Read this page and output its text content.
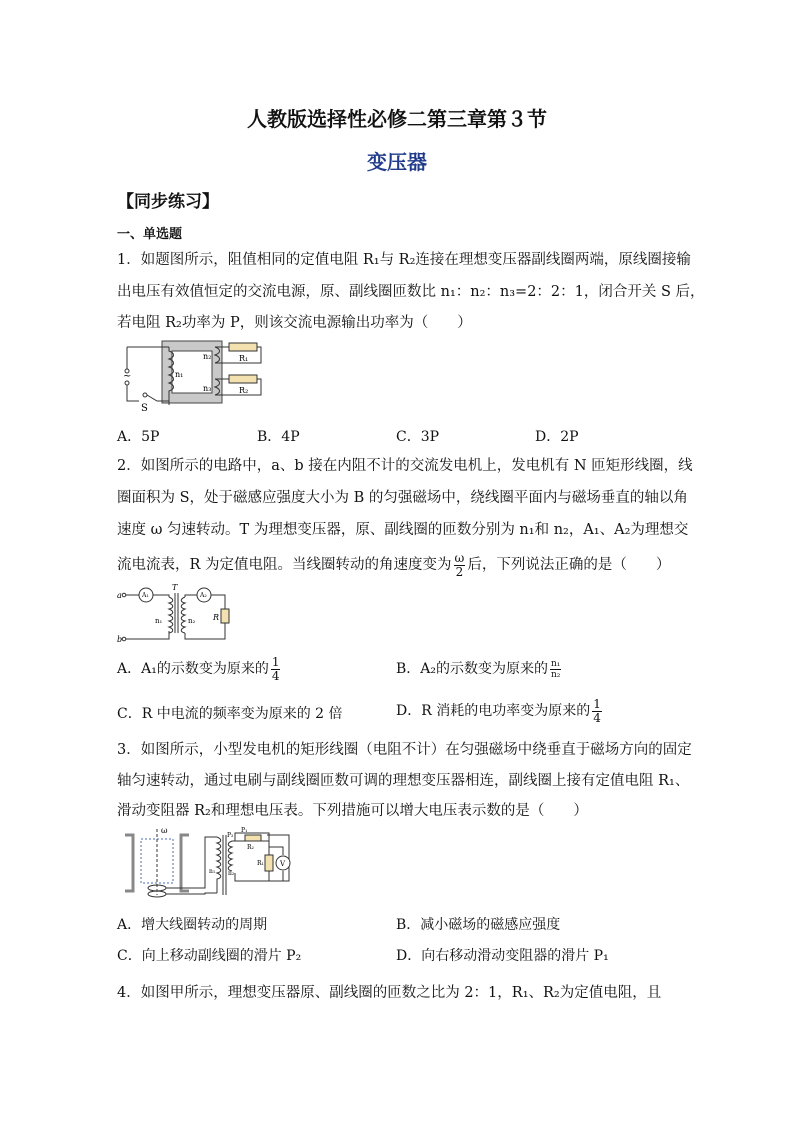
人教版选择性必修二第三章第３节
变压器
【同步练习】
一、单选题
1．如题图所示，阻值相同的定值电阻 R₁与 R₂连接在理想变压器副线圈两端，原线圈接输
出电压有效值恒定的交流电源，原、副线圈匝数比 n₁：n₂：n₃=2：2：1，闭合开关 S 后，
若电阻 R₂功率为 P，则该交流电源输出功率为（　　）
~	n₁
n₂
n₃
R₁
R₂
S
A．5P	B．4P	C．3P	D．2P
2．如图所示的电路中，a、b 接在内阻不计的交流发电机上，发电机有 N 匝矩形线圈，线
圈面积为 S，处于磁感应强度大小为 B 的匀强磁场中，绕线圈平面内与磁场垂直的轴以角
速度 ω 匀速转动。T 为理想变压器，原、副线圈的匝数分别为 n₁和 n₂，A₁、A₂为理想交
流电流表，R 为定值电阻。当线圈转动的角速度变为 $\frac{\omega}{2}$ 后，下列说法正确的是（　　）
a
b
T
A₁	A₂
n₁	n₂ R
A．A₁的示数变为原来的 $\frac{1}{4}$	B．A₂的示数变为原来的 $\frac{\text{n₁}}{\text{n₂}}$
C．R 中电流的频率变为原来的 2 倍	D．R 消耗的电功率变为原来的 $\frac{1}{4}$
3．如图所示，小型发电机的矩形线圈（电阻不计）在匀强磁场中绕垂直于磁场方向的固定
轴匀速转动，通过电刷与副线圈匝数可调的理想变压器相连，副线圈上接有定值电阻 R₁、
滑动变阻器 R₂和理想电压表。下列措施可以增大电压表示数的是（　　）
ω
n₁ n₂
P₂
P₁
R₂
R₁ V
A．增大线圈转动的周期	B．减小磁场的磁感应强度
C．向上移动副线圈的滑片 P₂	D．向右移动滑动变阻器的滑片 P₁
4．如图甲所示，理想变压器原、副线圈的匝数之比为 2：1，R₁、R₂为定值电阻，且
